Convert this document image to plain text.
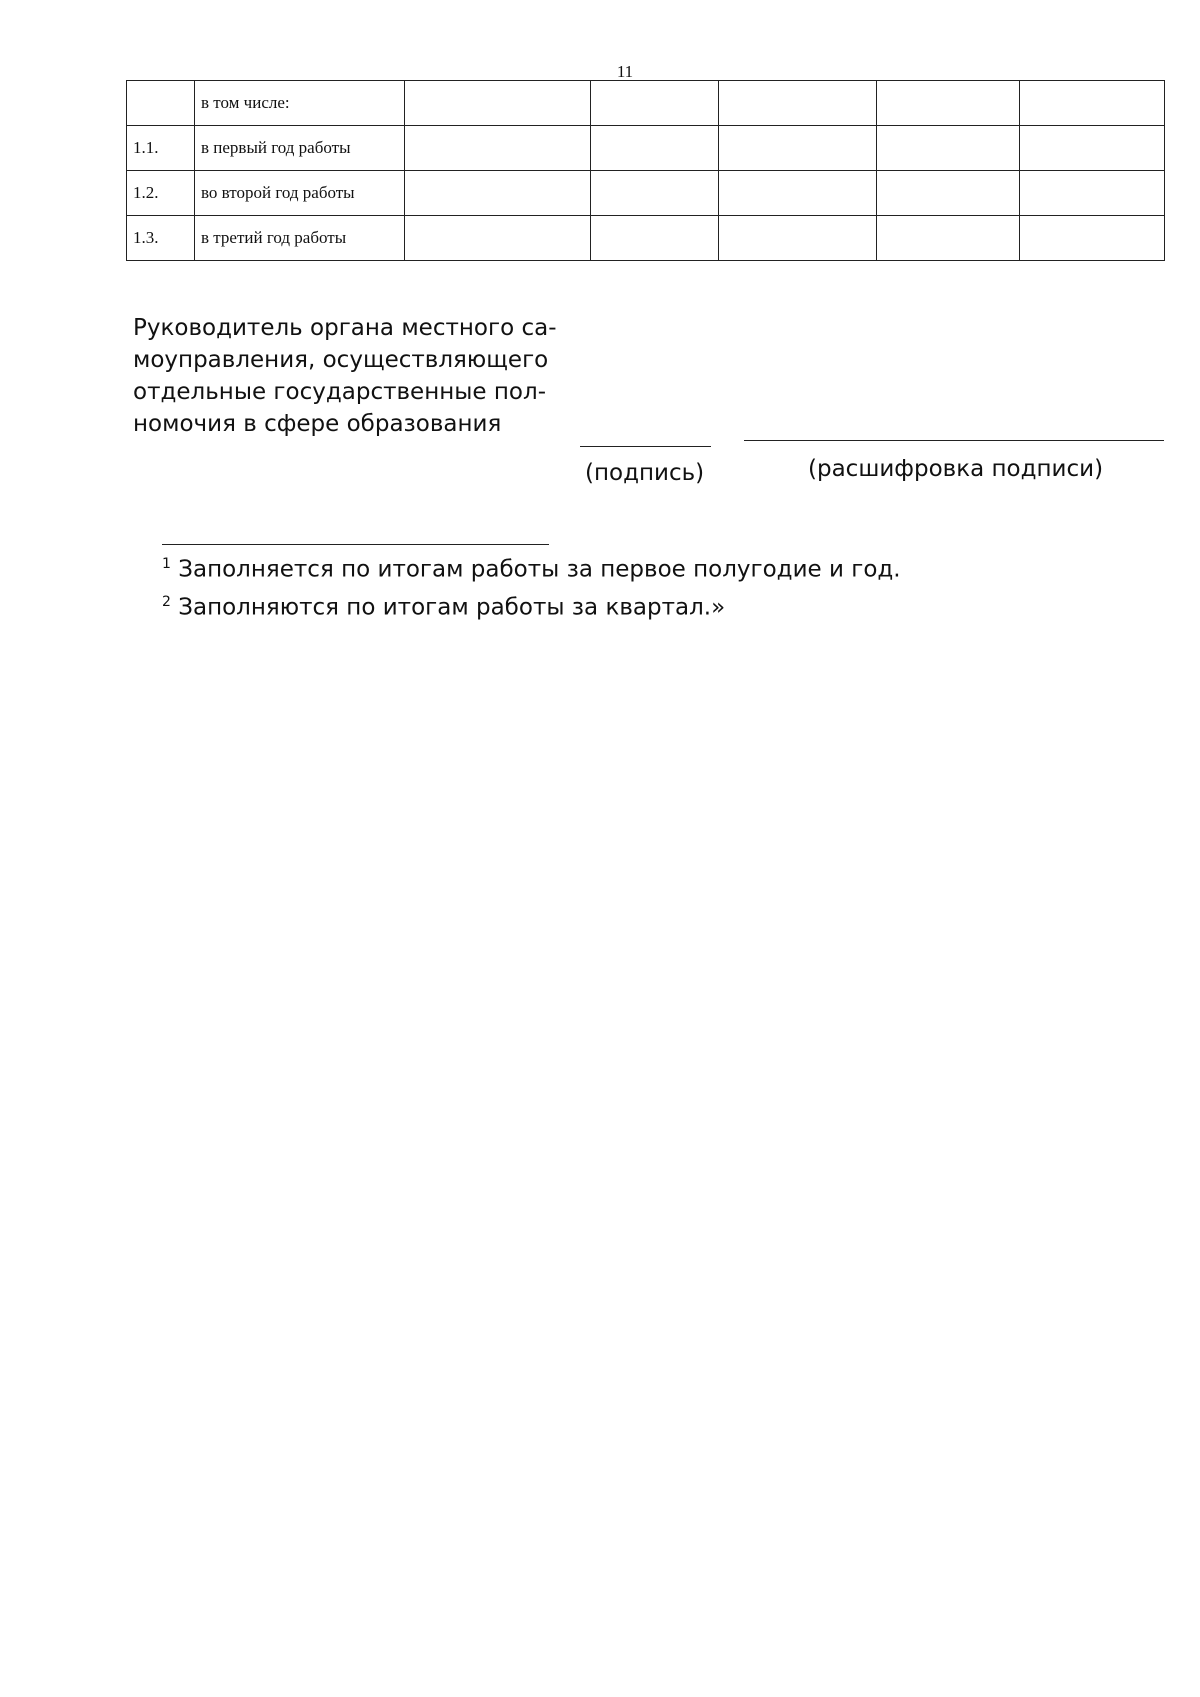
11
	в том числе:					
1.1.	в первый год работы					
1.2.	во второй год работы					
1.3.	в третий год работы					
Руководитель органа местного са-
моуправления, осуществляющего
отдельные государственные пол-
номочия в сфере образования
(подпись)	(расшифровка подписи)
$^1$ Заполняется по итогам работы за первое полугодие и год.
$^2$ Заполняются по итогам работы за квартал.»
